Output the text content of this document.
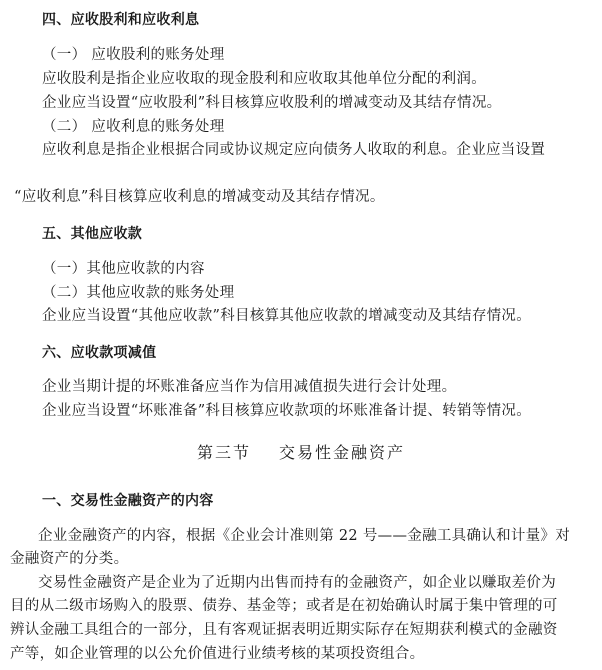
四、应收股利和应收利息
（一） 应收股利的账务处理
应收股利是指企业应收取的现金股利和应收取其他单位分配的利润。
企业应当设置“应收股利”科目核算应收股利的增减变动及其结存情况。
（二） 应收利息的账务处理
应收利息是指企业根据合同或协议规定应向债务人收取的利息。企业应当设置
“应收利息”科目核算应收利息的增减变动及其结存情况。
五、其他应收款
（一）其他应收款的内容
（二）其他应收款的账务处理
企业应当设置“其他应收款”科目核算其他应收款的增减变动及其结存情况。
六、应收款项减值
企业当期计提的坏账准备应当作为信用减值损失进行会计处理。
企业应当设置“坏账准备”科目核算应收款项的坏账准备计提、转销等情况。
第三节 交易性金融资产
一、交易性金融资产的内容
企业金融资产的内容，根据《企业会计准则第 22 号——金融工具确认和计量》对
金融资产的分类。
交易性金融资产是企业为了近期内出售而持有的金融资产，如企业以赚取差价为
目的从二级市场购入的股票、债券、基金等；或者是在初始确认时属于集中管理的可
辨认金融工具组合的一部分，且有客观证据表明近期实际存在短期获利模式的金融资
产等，如企业管理的以公允价值进行业绩考核的某项投资组合。
